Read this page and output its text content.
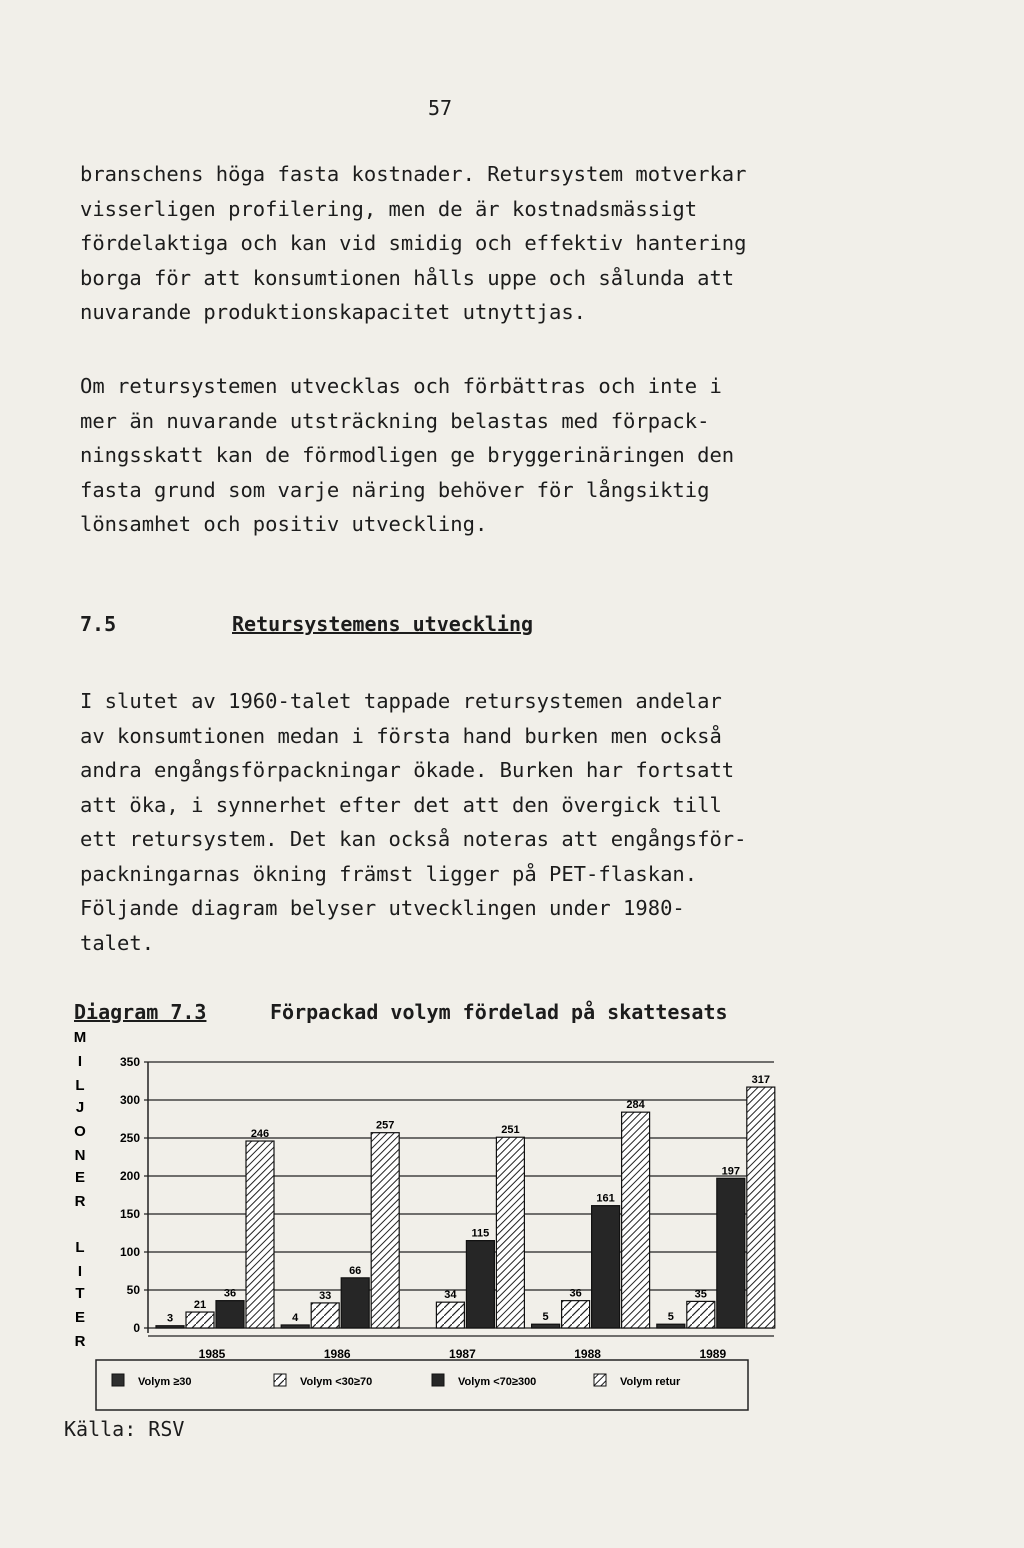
57

branschens höga fasta kostnader. Retursystem motverkar
visserligen profilering, men de är kostnadsmässigt
fördelaktiga och kan vid smidig och effektiv hantering
borga för att konsumtionen hålls uppe och sålunda att
nuvarande produktionskapacitet utnyttjas.

Om retursystemen utvecklas och förbättras och inte i
mer än nuvarande utsträckning belastas med förpack-
ningsskatt kan de förmodligen ge bryggerinäringen den
fasta grund som varje näring behöver för långsiktig
lönsamhet och positiv utveckling.

7.5	Retursystemens utveckling

I slutet av 1960-talet tappade retursystemen andelar
av konsumtionen medan i första hand burken men också
andra engångsförpackningar ökade. Burken har fortsatt
att öka, i synnerhet efter det att den övergick till
ett retursystem. Det kan också noteras att engångsför-
packningarnas ökning främst ligger på PET-flaskan.
Följande diagram belyser utvecklingen under 1980-
talet.

Diagram 7.3	Förpackad volym fördelad på skattesats
M
I
L
J
O
N
E
R
L
I
T
E
R
0
50
100
150
200
250
300
350
3
21
36
246
4
33
66
257
34
115
251
5
36
161
284
5
35
197
317
1985	1986	1987	1988	1989
Volym ≥30	Volym <30≥70	Volym <70≥300	Volym retur
Källa: RSV
